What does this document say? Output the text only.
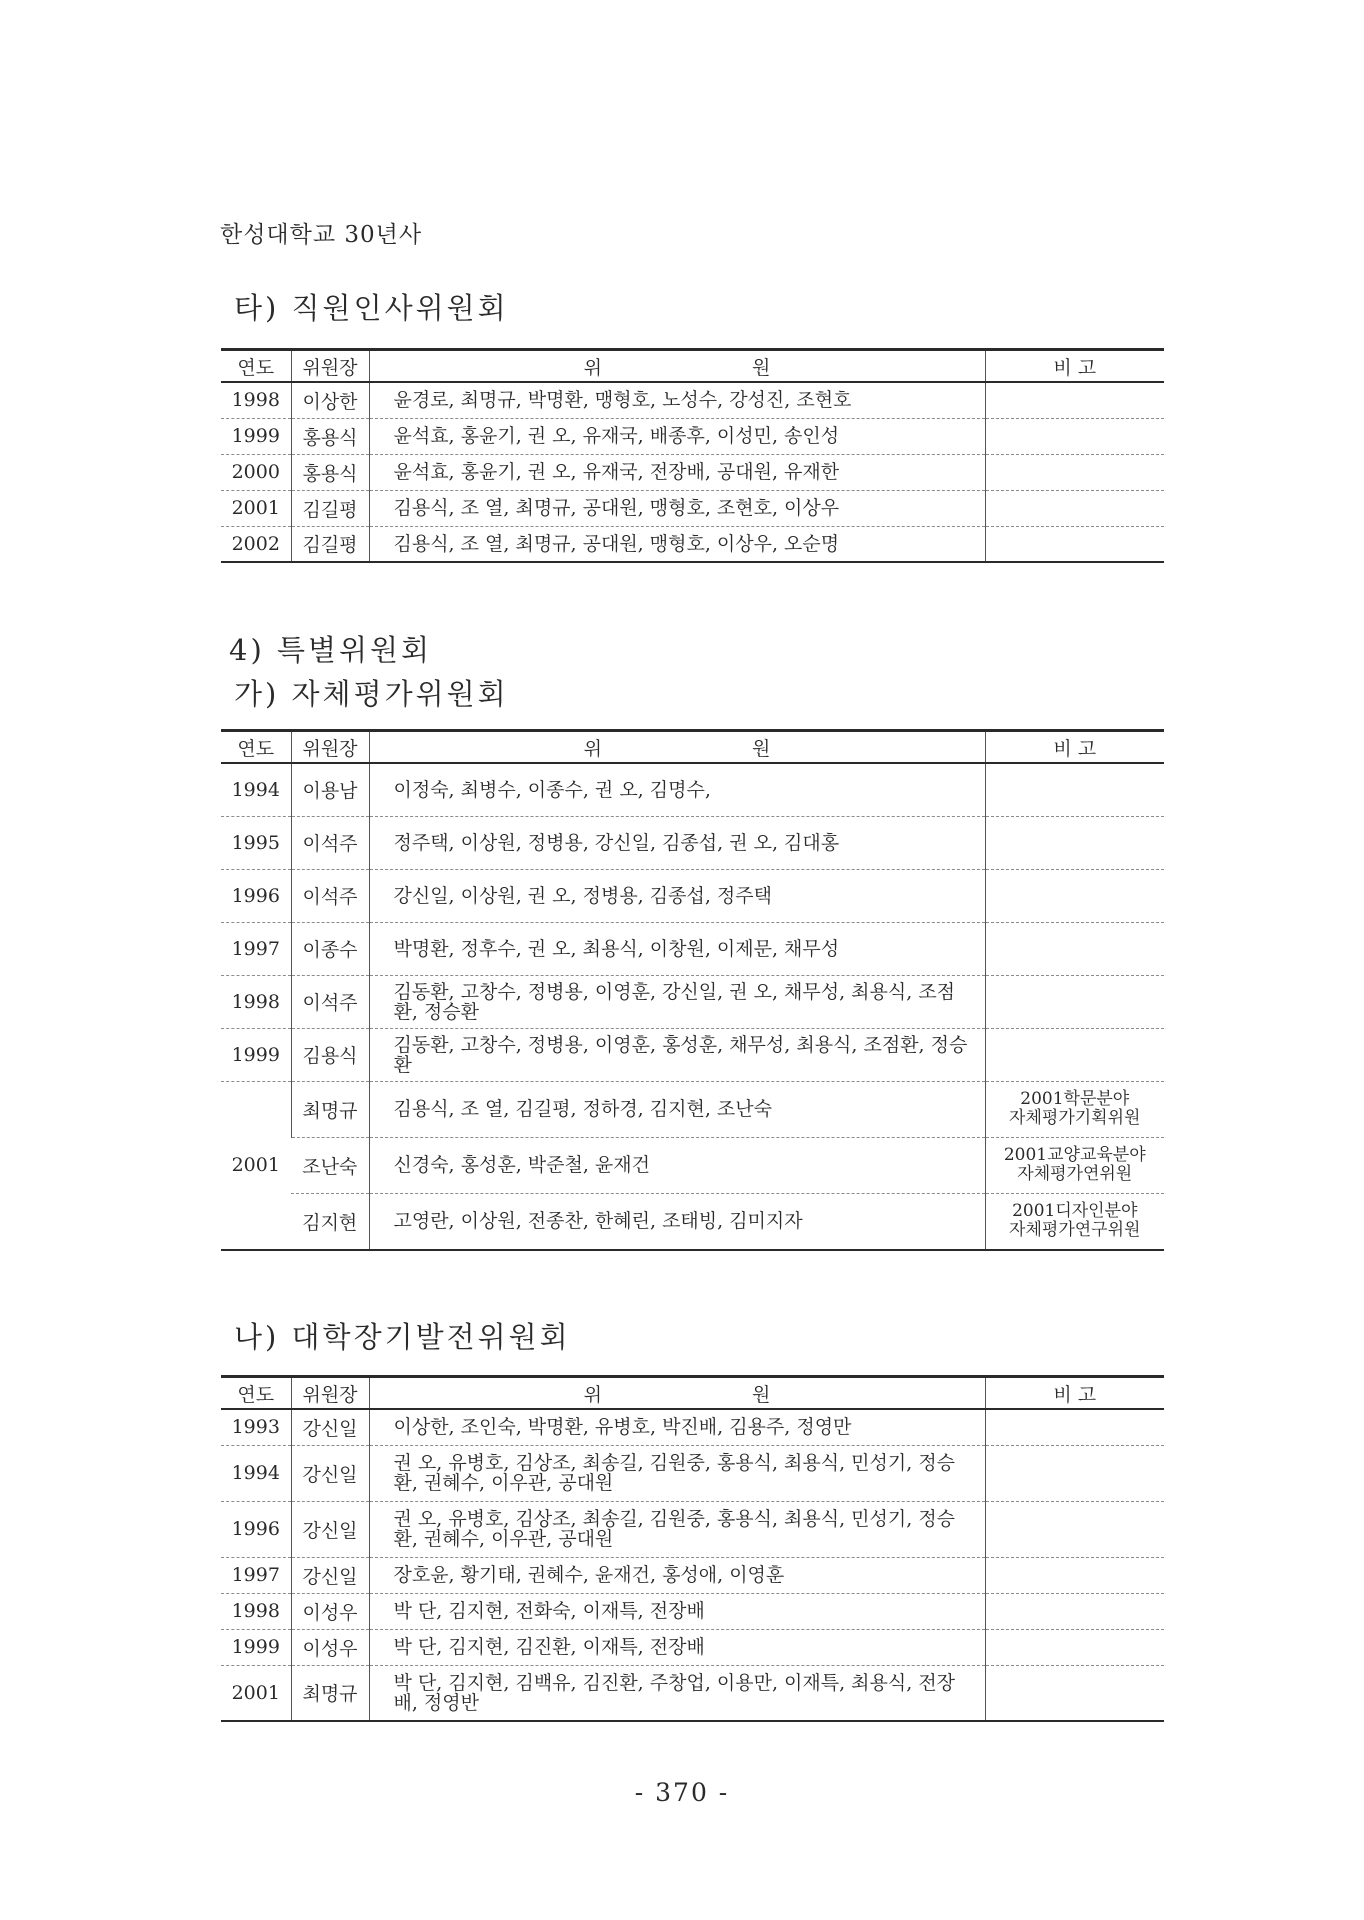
한성대학교 30년사
타) 직원인사위원회
연도	위원장	위 원	비 고
1998	이상한	윤경로, 최명규, 박명환, 맹형호, 노성수, 강성진, 조현호	
1999	홍용식	윤석효, 홍윤기, 권 오, 유재국, 배종후, 이성민, 송인성	
2000	홍용식	윤석효, 홍윤기, 권 오, 유재국, 전장배, 공대원, 유재한	
2001	김길평	김용식, 조 열, 최명규, 공대원, 맹형호, 조현호, 이상우	
2002	김길평	김용식, 조 열, 최명규, 공대원, 맹형호, 이상우, 오순명	
4) 특별위원회
가) 자체평가위원회
연도	위원장	위 원	비 고
1994	이용남	이정숙, 최병수, 이종수, 권 오, 김명수,	
1995	이석주	정주택, 이상원, 정병용, 강신일, 김종섭, 권 오, 김대홍	
1996	이석주	강신일, 이상원, 권 오, 정병용, 김종섭, 정주택	
1997	이종수	박명환, 정후수, 권 오, 최용식, 이창원, 이제문, 채무성	
1998	이석주	김동환, 고창수, 정병용, 이영훈, 강신일, 권 오, 채무성, 최용식, 조점환, 정승환	
1999	김용식	김동환, 고창수, 정병용, 이영훈, 홍성훈, 채무성, 최용식, 조점환, 정승환	
2001	최명규	김용식, 조 열, 김길평, 정하경, 김지현, 조난숙	2001학문분야
자체평가기획위원

	조난숙	신경숙, 홍성훈, 박준철, 윤재건	2001교양교육분야
자체평가연위원

	김지현	고영란, 이상원, 전종찬, 한혜린, 조태빙, 김미지자	2001디자인분야
자체평가연구위원
나) 대학장기발전위원회
연도	위원장	위 원	비 고
1993	강신일	이상한, 조인숙, 박명환, 유병호, 박진배, 김용주, 정영만	
1994	강신일	권 오, 유병호, 김상조, 최송길, 김원중, 홍용식, 최용식, 민성기, 정승환, 권혜수, 이우관, 공대원	
1996	강신일	권 오, 유병호, 김상조, 최송길, 김원중, 홍용식, 최용식, 민성기, 정승환, 권혜수, 이우관, 공대원	
1997	강신일	장호윤, 황기태, 권혜수, 윤재건, 홍성애, 이영훈	
1998	이성우	박 단, 김지현, 전화숙, 이재특, 전장배	
1999	이성우	박 단, 김지현, 김진환, 이재특, 전장배	
2001	최명규	박 단, 김지현, 김백유, 김진환, 주창업, 이용만, 이재특, 최용식, 전장배, 정영반	
- 370 -
